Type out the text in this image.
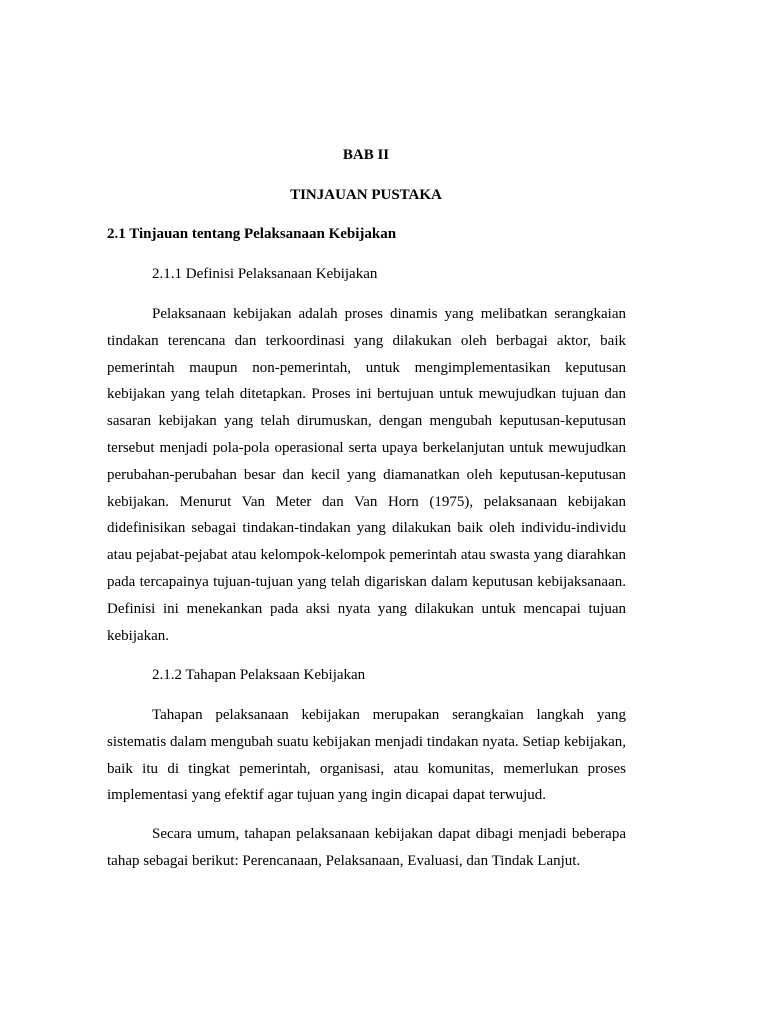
BAB II
TINJAUAN PUSTAKA
2.1 Tinjauan tentang Pelaksanaan Kebijakan
2.1.1 Definisi Pelaksanaan Kebijakan

Pelaksanaan kebijakan adalah proses dinamis yang melibatkan serangkaian tindakan terencana dan terkoordinasi yang dilakukan oleh berbagai aktor, baik pemerintah maupun non-pemerintah, untuk mengimplementasikan keputusan kebijakan yang telah ditetapkan. Proses ini bertujuan untuk mewujudkan tujuan dan sasaran kebijakan yang telah dirumuskan, dengan mengubah keputusan-keputusan tersebut menjadi pola-pola operasional serta upaya berkelanjutan untuk mewujudkan perubahan-perubahan besar dan kecil yang diamanatkan oleh keputusan-keputusan kebijakan. Menurut Van Meter dan Van Horn (1975), pelaksanaan kebijakan didefinisikan sebagai tindakan-tindakan yang dilakukan baik oleh individu-individu atau pejabat-pejabat atau kelompok-kelompok pemerintah atau swasta yang diarahkan pada tercapainya tujuan-tujuan yang telah digariskan dalam keputusan kebijaksanaan. Definisi ini menekankan pada aksi nyata yang dilakukan untuk mencapai tujuan kebijakan.

2.1.2 Tahapan Pelaksaan Kebijakan

Tahapan pelaksanaan kebijakan merupakan serangkaian langkah yang sistematis dalam mengubah suatu kebijakan menjadi tindakan nyata. Setiap kebijakan, baik itu di tingkat pemerintah, organisasi, atau komunitas, memerlukan proses implementasi yang efektif agar tujuan yang ingin dicapai dapat terwujud.

Secara umum, tahapan pelaksanaan kebijakan dapat dibagi menjadi beberapa tahap sebagai berikut: Perencanaan, Pelaksanaan, Evaluasi, dan Tindak Lanjut.
